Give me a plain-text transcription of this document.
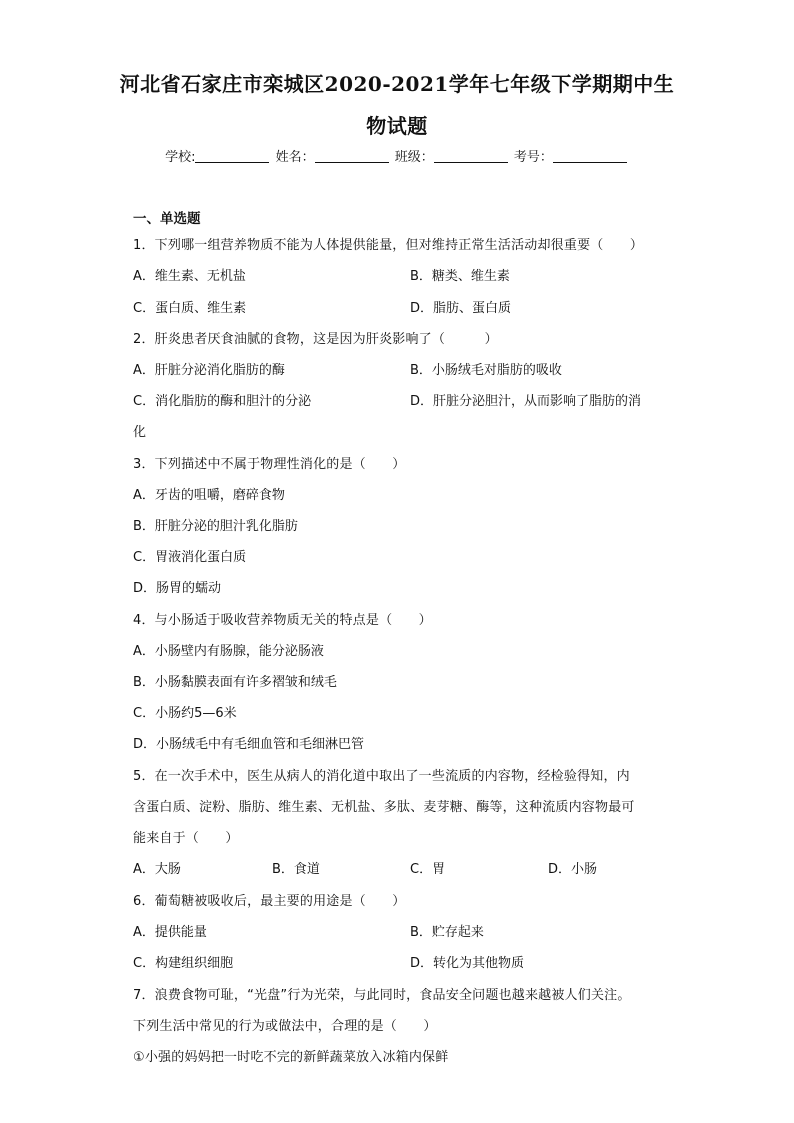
河北省石家庄市栾城区2020-2021学年七年级下学期期中生
物试题
学校:	姓名：	班级：	考号：
一、单选题
1．下列哪一组营养物质不能为人体提供能量，但对维持正常生活活动却很重要（　　）
A．维生素、无机盐	B．糖类、维生素
C．蛋白质、维生素	D．脂肪、蛋白质
2．肝炎患者厌食油腻的食物，这是因为肝炎影响了（　　　）
A．肝脏分泌消化脂肪的酶	B．小肠绒毛对脂肪的吸收
C．消化脂肪的酶和胆汁的分泌	D．肝脏分泌胆汁，从而影响了脂肪的消
化
3．下列描述中不属于物理性消化的是（　　）
A．牙齿的咀嚼，磨碎食物
B．肝脏分泌的胆汁乳化脂肪
C．胃液消化蛋白质
D．肠胃的蠕动
4．与小肠适于吸收营养物质无关的特点是（　　）
A．小肠壁内有肠腺，能分泌肠液
B．小肠黏膜表面有许多褶皱和绒毛
C．小肠约5—6米
D．小肠绒毛中有毛细血管和毛细淋巴管
5．在一次手术中，医生从病人的消化道中取出了一些流质的内容物，经检验得知，内
含蛋白质、淀粉、脂肪、维生素、无机盐、多肽、麦芽糖、酶等，这种流质内容物最可
能来自于（　　）
A．大肠	B．食道	C．胃	D．小肠
6．葡萄糖被吸收后，最主要的用途是（　　）
A．提供能量	B．贮存起来
C．构建组织细胞	D．转化为其他物质
7．浪费食物可耻，“光盘”行为光荣，与此同时，食品安全问题也越来越被人们关注。
下列生活中常见的行为或做法中，合理的是（　　）
①小强的妈妈把一时吃不完的新鲜蔬菜放入冰箱内保鲜
